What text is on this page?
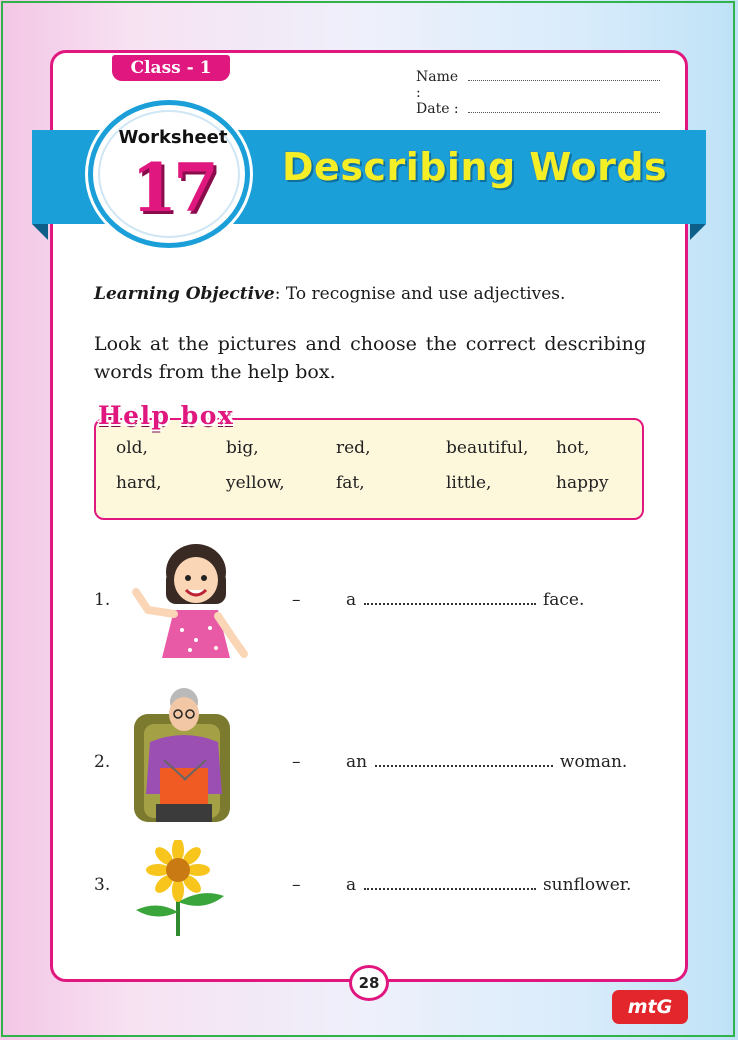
Class - 1	Name :
Date :
Describing Words
Worksheet
17
Learning Objective: To recognise and use adjectives.
Look at the pictures and choose the correct describing words from the help box.
Help box
old,	big,	red,	beautiful,	hot,
hard,	yellow,	fat,	little,	happy
1.	–	a	face.
2.	–	an	woman.
3.	–	a	sunflower.
28
mtG
